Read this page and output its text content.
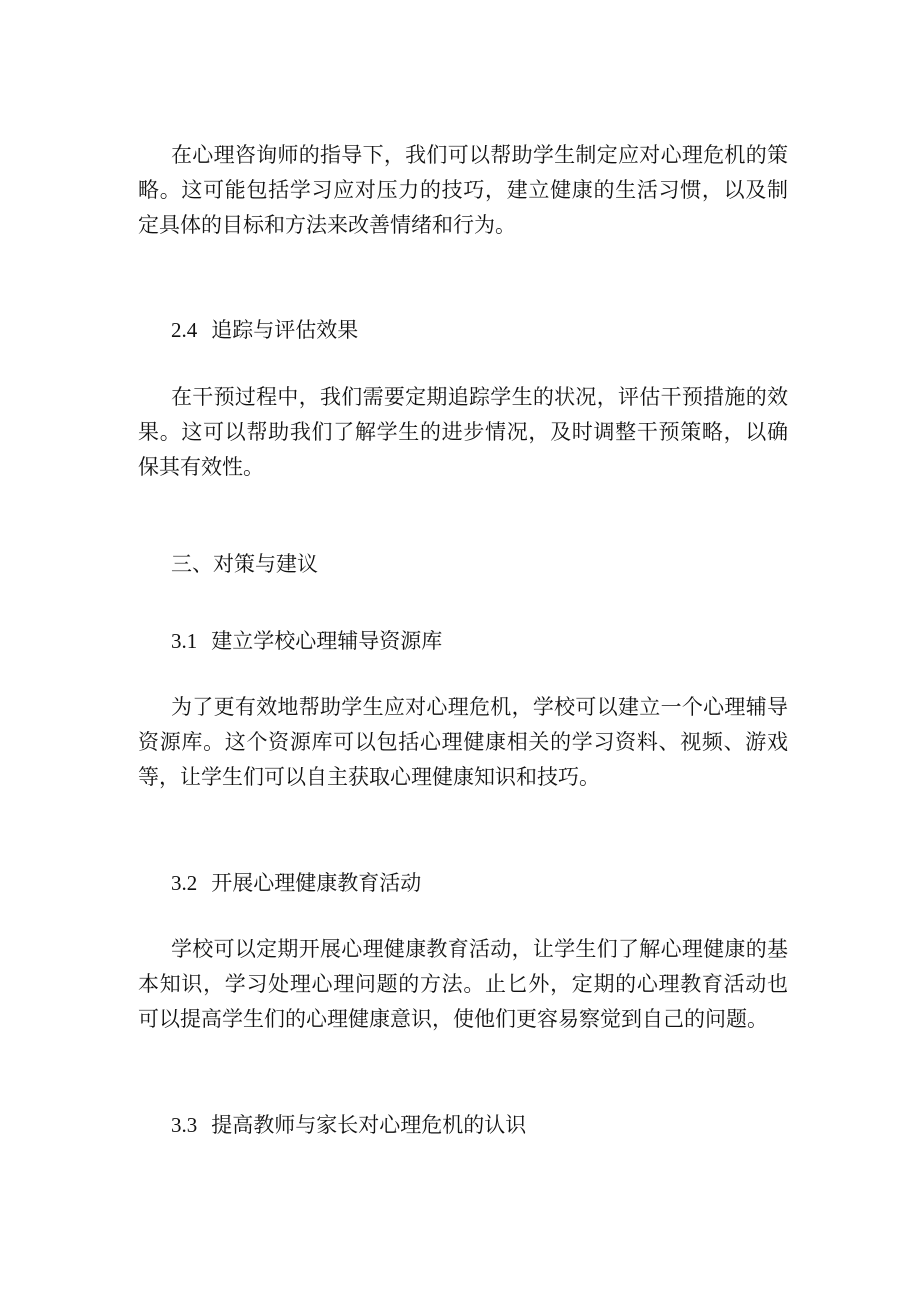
在心理咨询师的指导下，我们可以帮助学生制定应对心理危机的策略。这可能包括学习应对压力的技巧，建立健康的生活习惯，以及制定具体的目标和方法来改善情绪和行为。

2.4 追踪与评估效果

在干预过程中，我们需要定期追踪学生的状况，评估干预措施的效果。这可以帮助我们了解学生的进步情况，及时调整干预策略，以确保其有效性。

三、对策与建议
3.1 建立学校心理辅导资源库

为了更有效地帮助学生应对心理危机，学校可以建立一个心理辅导资源库。这个资源库可以包括心理健康相关的学习资料、视频、游戏等，让学生们可以自主获取心理健康知识和技巧。

3.2 开展心理健康教育活动

学校可以定期开展心理健康教育活动，让学生们了解心理健康的基本知识，学习处理心理问题的方法。止匕外，定期的心理教育活动也可以提高学生们的心理健康意识，使他们更容易察觉到自己的问题。

3.3 提高教师与家长对心理危机的认识
